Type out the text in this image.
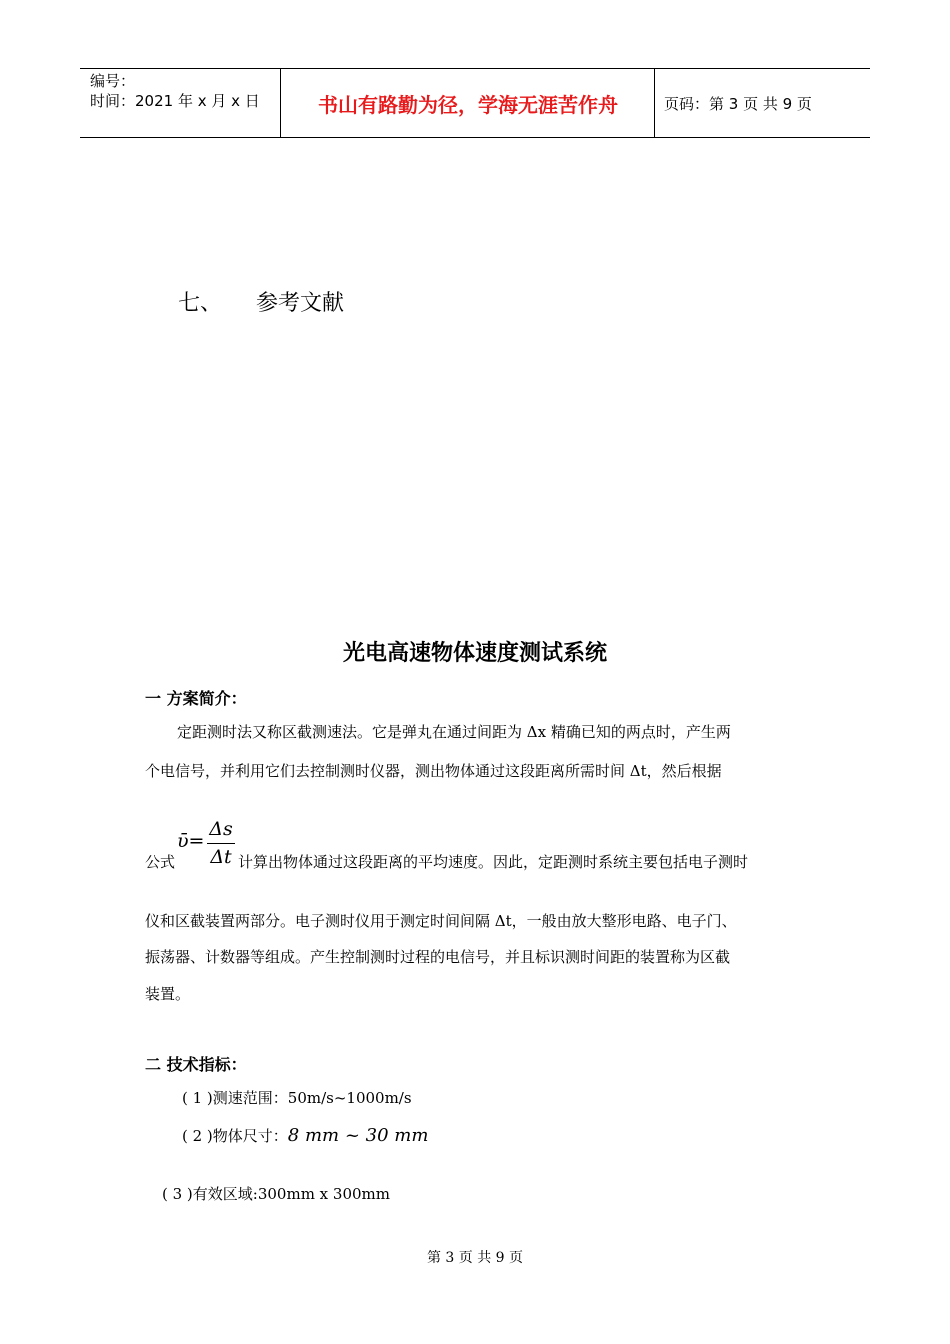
编号：
时间：2021 年 x 月 x 日	书山有路勤为径，学海无涯苦作舟	页码：第 3 页 共 9 页
七、 参考文献
光电高速物体速度测试系统
一 方案简介：
定距测时法又称区截测速法。它是弹丸在通过间距为 Δx 精确已知的两点时，产生两
个电信号，并利用它们去控制测时仪器，测出物体通过这段距离所需时间 Δt，然后根据
ῡ=
Δs
Δt
公式	计算出物体通过这段距离的平均速度。因此，定距测时系统主要包括电子测时
仪和区截装置两部分。电子测时仪用于测定时间间隔 Δt，一般由放大整形电路、电子门、
振荡器、计数器等组成。产生控制测时过程的电信号，并且标识测时间距的装置称为区截
装置。
二 技术指标：
( 1 )测速范围：50m/s~1000m/s
( 2 )物体尺寸：8 mm ~ 30 mm
( 3 )有效区域:300mm x 300mm
第 3 页 共 9 页
